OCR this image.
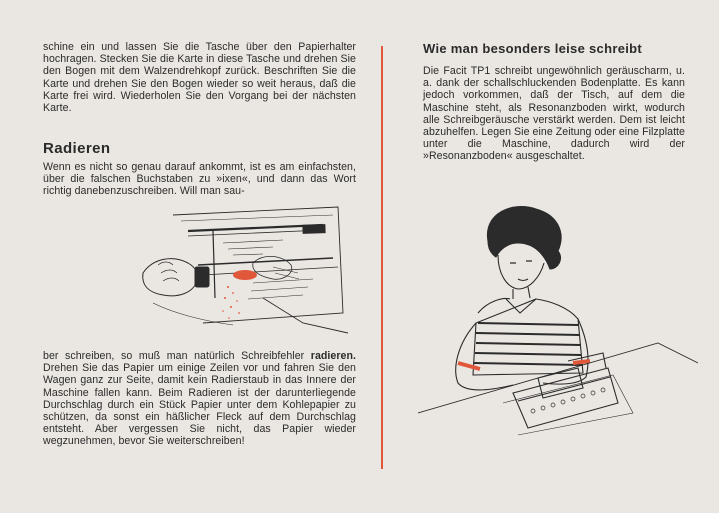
schine ein und lassen Sie die Tasche über den Papierhalter hochragen. Stecken Sie die Karte in diese Tasche und drehen Sie den Bogen mit dem Walzendrehkopf zurück. Beschriften Sie die Karte und drehen Sie den Bogen wieder so weit heraus, daß die Karte frei wird. Wiederholen Sie den Vorgang bei der nächsten Karte.

Radieren

Wenn es nicht so genau darauf ankommt, ist es am einfachsten, über die falschen Buchstaben zu »ixen«, und dann das Wort richtig danebenzuschreiben. Will man sau-

ber schreiben, so muß man natürlich Schreibfehler radieren. Drehen Sie das Papier um einige Zeilen vor und fahren Sie den Wagen ganz zur Seite, damit kein Radierstaub in das Innere der Maschine fallen kann. Beim Radieren ist der darunterliegende Durchschlag durch ein Stück Papier unter dem Kohlepapier zu schützen, da sonst ein häßlicher Fleck auf dem Durchschlag entsteht. Aber vergessen Sie nicht, das Papier wieder wegzunehmen, bevor Sie weiterschreiben!

Wie man besonders leise schreibt

Die Facit TP1 schreibt ungewöhnlich geräuscharm, u. a. dank der schallschluckenden Bodenplatte. Es kann jedoch vorkommen, daß der Tisch, auf dem die Maschine steht, als Resonanzboden wirkt, wodurch alle Schreibgeräusche verstärkt werden. Dem ist leicht abzuhelfen. Legen Sie eine Zeitung oder eine Filzplatte unter die Maschine, dadurch wird der »Resonanzboden« ausgeschaltet.
